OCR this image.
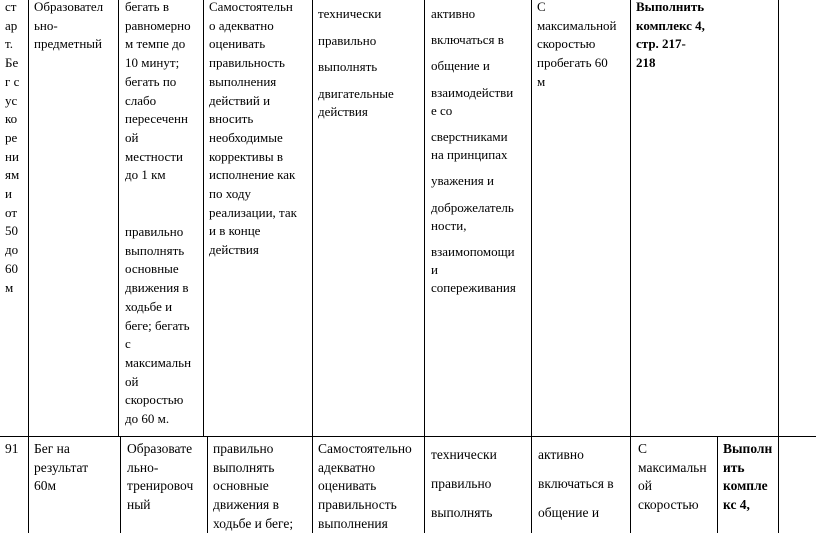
ст
ар
т.
Бе
г с
ус
ко
ре
ни
ям
и
от
50
до
60
м
Образовател
ьно-
предметный
бегать в
равномерно
м темпе до
10 минут;
бегать по
слабо
пересеченн
ой
местности
до 1 км
правильно
выполнять
основные
движения в
ходьбе и
беге; бегать
с
максимальн
ой
скоростью
до 60 м.
Самостоятельн
о адекватно
оценивать
правильность
выполнения
действий и
вносить
необходимые
коррективы в
исполнение как
по ходу
реализации, так
и в конце
действия
технически
правильно
выполнять
двигательные
действия
активно
включаться в
общение и
взаимодействи
е со
сверстниками
на принципах
уважения и
доброжелатель
ности,
взаимопомощи
и
сопереживания
С
максимальной
скоростью
пробегать 60
м
Выполнить
комплекс 4,
стр. 217-
218
91 Бег на
результат
60м
Образовате
льно-
тренировоч
ный
правильно
выполнять
основные
движения в
ходьбе и беге;
Самостоятельно
адекватно
оценивать
правильность
выполнения
технически
правильно
выполнять
активно
включаться в
общение и
С
максимальн
ой
скоростью
Выполн
ить
компле
кс 4,
